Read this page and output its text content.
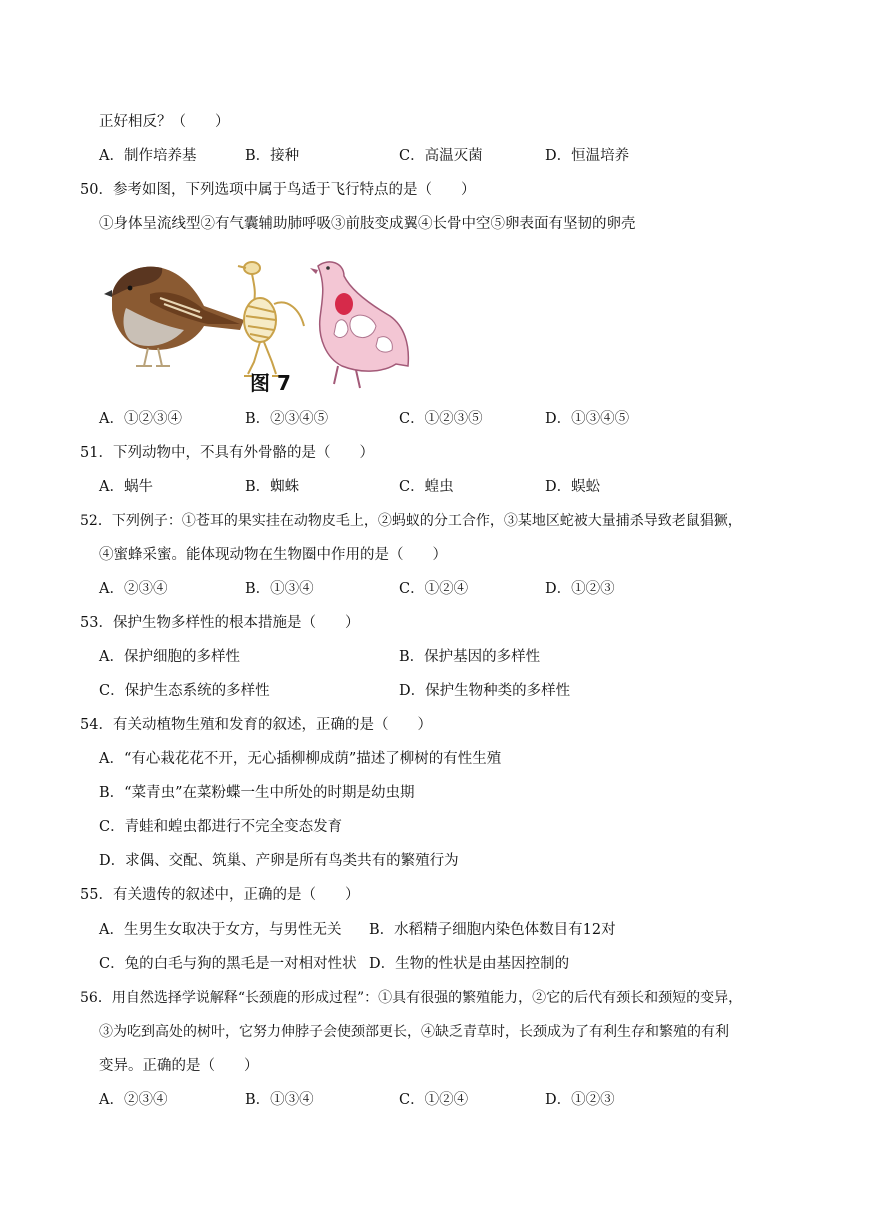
正好相反？（　　）
A．制作培养基	B．接种	C．高温灭菌	D．恒温培养
50．参考如图，下列选项中属于鸟适于飞行特点的是（　　）
①身体呈流线型②有气囊辅助肺呼吸③前肢变成翼④长骨中空⑤卵表面有坚韧的卵壳
图 7
A．①②③④	B．②③④⑤	C．①②③⑤	D．①③④⑤
51．下列动物中，不具有外骨骼的是（　　）
A．蜗牛	B．蜘蛛	C．蝗虫	D．蜈蚣
52．下列例子：①苍耳的果实挂在动物皮毛上，②蚂蚁的分工合作，③某地区蛇被大量捕杀导致老鼠猖獗，
④蜜蜂采蜜。能体现动物在生物圈中作用的是（　　）
A．②③④	B．①③④	C．①②④	D．①②③
53．保护生物多样性的根本措施是（　　）
A．保护细胞的多样性	B．保护基因的多样性
C．保护生态系统的多样性	D．保护生物种类的多样性
54．有关动植物生殖和发育的叙述，正确的是（　　）
A．“有心栽花花不开，无心插柳柳成荫”描述了柳树的有性生殖
B．“菜青虫”在菜粉蝶一生中所处的时期是幼虫期
C．青蛙和蝗虫都进行不完全变态发育
D．求偶、交配、筑巢、产卵是所有鸟类共有的繁殖行为
55．有关遗传的叙述中，正确的是（　　）
A．生男生女取决于女方，与男性无关 B．水稻精子细胞内染色体数目有12对
C．兔的白毛与狗的黑毛是一对相对性状 D．生物的性状是由基因控制的
56．用自然选择学说解释“长颈鹿的形成过程”：①具有很强的繁殖能力，②它的后代有颈长和颈短的变异，
③为吃到高处的树叶，它努力伸脖子会使颈部更长，④缺乏青草时，长颈成为了有利生存和繁殖的有利
变异。正确的是（　　）
A．②③④	B．①③④	C．①②④	D．①②③
